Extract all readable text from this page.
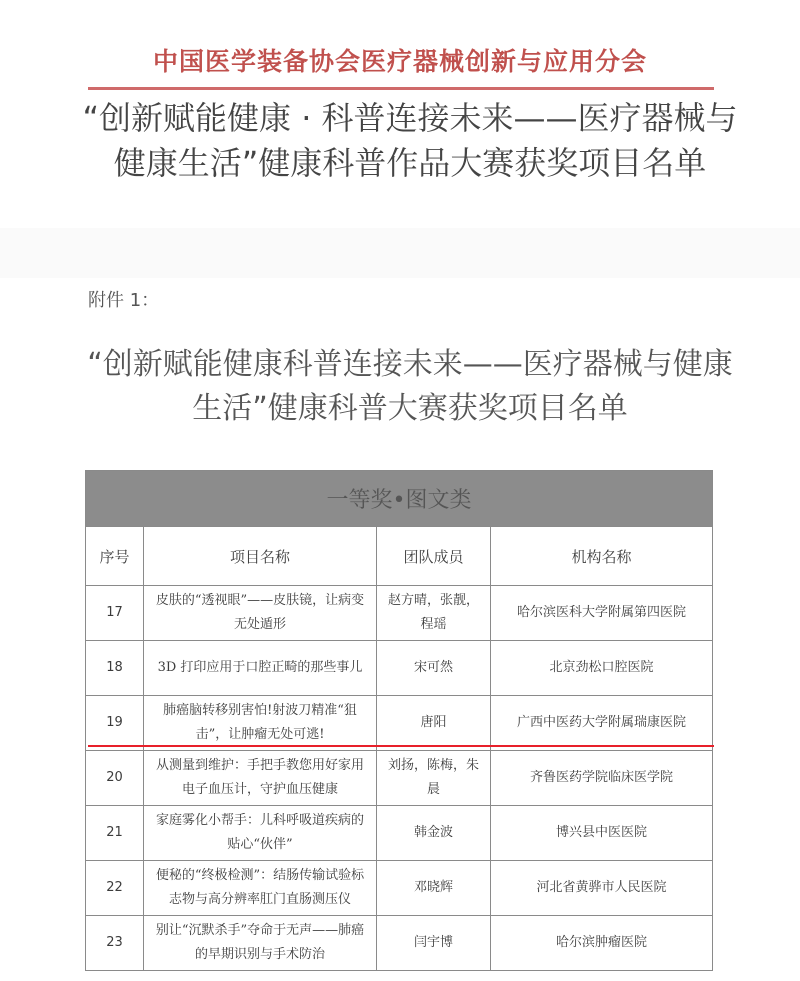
中国医学装备协会医疗器械创新与应用分会
“创新赋能健康 · 科普连接未来——医疗器械与健康生活”健康科普作品大赛获奖项目名单
附件 1：
“创新赋能健康科普连接未来——医疗器械与健康生活”健康科普大赛获奖项目名单
一等奖•图文类			
序号	项目名称	团队成员	机构名称
17	皮肤的“透视眼”——皮肤镜，让病变无处遁形	赵方晴，张靓，程瑶	哈尔滨医科大学附属第四医院
18	3D 打印应用于口腔正畸的那些事儿	宋可然	北京劲松口腔医院
19	肺癌脑转移别害怕!射波刀精准“狙击”，让肿瘤无处可逃!	唐阳	广西中医药大学附属瑞康医院
20	从测量到维护：手把手教您用好家用电子血压计，守护血压健康	刘扬，陈梅，朱晨	齐鲁医药学院临床医学院
21	家庭雾化小帮手：儿科呼吸道疾病的贴心“伙伴”	韩金波	博兴县中医医院
22	便秘的“终极检测”：结肠传输试验标志物与高分辨率肛门直肠测压仪	邓晓辉	河北省黄骅市人民医院
23	别让“沉默杀手”夺命于无声——肺癌的早期识别与手术防治	闫宇博	哈尔滨肿瘤医院
